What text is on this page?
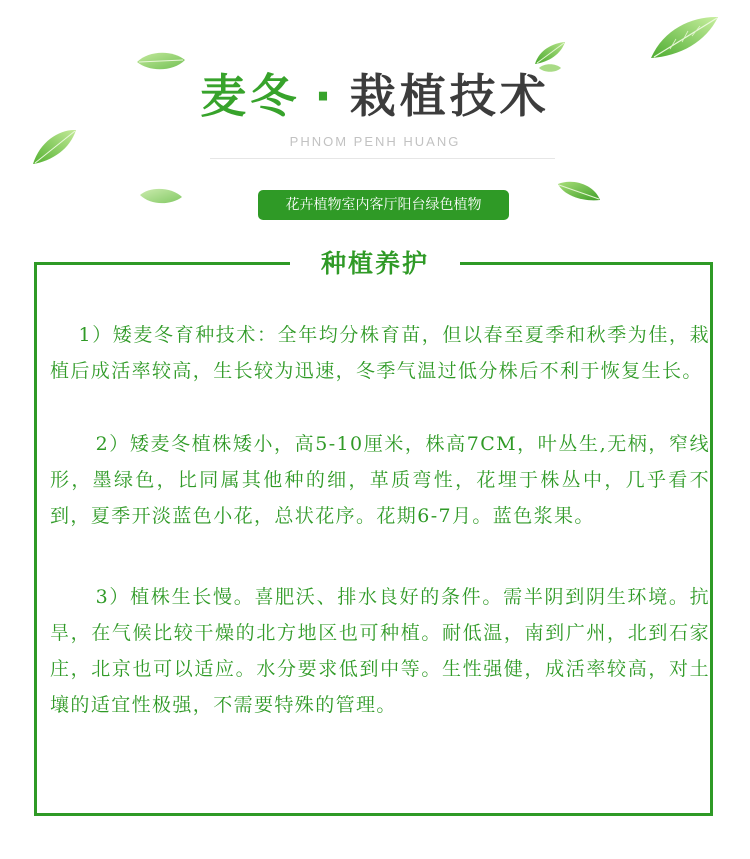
麦冬 · 栽植技术
PHNOM PENH HUANG
花卉植物室内客厅阳台绿色植物
种植养护

1）矮麦冬育种技术：全年均分株育苗，但以春至夏季和秋季为佳，栽植后成活率较高，生长较为迅速，冬季气温过低分株后不利于恢复生长。

2）矮麦冬植株矮小，高5-10厘米，株高7CM，叶丛生,无柄，窄线形，墨绿色，比同属其他种的细，革质弯性，花埋于株丛中，几乎看不到，夏季开淡蓝色小花，总状花序。花期6-7月。蓝色浆果。

3）植株生长慢。喜肥沃、排水良好的条件。需半阴到阴生环境。抗旱，在气候比较干燥的北方地区也可种植。耐低温，南到广州，北到石家庄，北京也可以适应。水分要求低到中等。生性强健，成活率较高，对土壤的适宜性极强，不需要特殊的管理。
